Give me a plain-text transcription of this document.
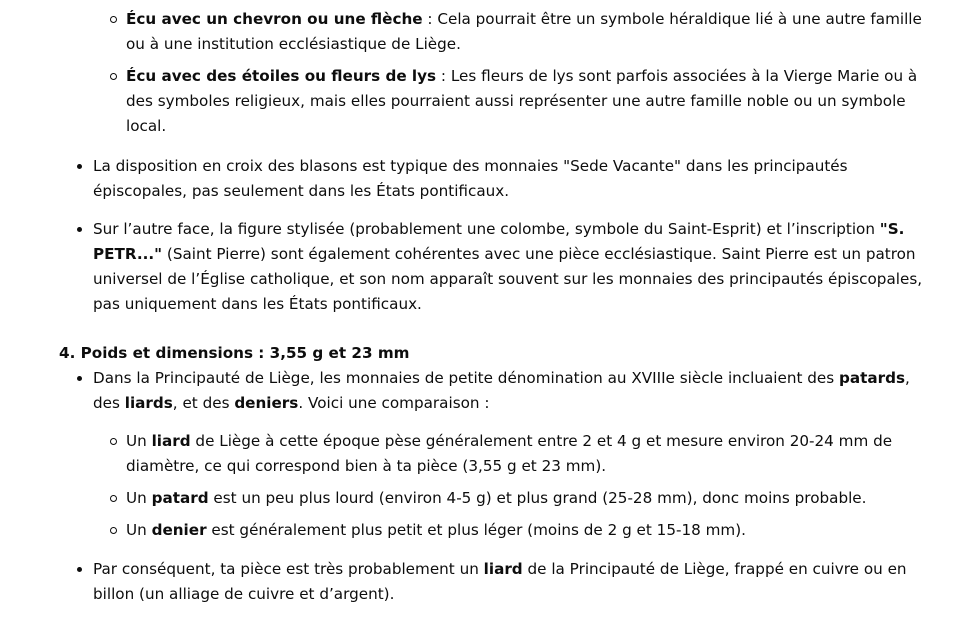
Écu avec un chevron ou une flèche : Cela pourrait être un symbole héraldique lié à une autre famille ou à une institution ecclésiastique de Liège.
Écu avec des étoiles ou fleurs de lys : Les fleurs de lys sont parfois associées à la Vierge Marie ou à des symboles religieux, mais elles pourraient aussi représenter une autre famille noble ou un symbole local.
La disposition en croix des blasons est typique des monnaies "Sede Vacante" dans les principautés épiscopales, pas seulement dans les États pontificaux.
Sur l’autre face, la figure stylisée (probablement une colombe, symbole du Saint-Esprit) et l’inscription "S. PETR..." (Saint Pierre) sont également cohérentes avec une pièce ecclésiastique. Saint Pierre est un patron universel de l’Église catholique, et son nom apparaît souvent sur les monnaies des principautés épiscopales, pas uniquement dans les États pontificaux.
4. Poids et dimensions : 3,55 g et 23 mm
Dans la Principauté de Liège, les monnaies de petite dénomination au XVIIIe siècle incluaient des patards, des liards, et des deniers. Voici une comparaison :
Un liard de Liège à cette époque pèse généralement entre 2 et 4 g et mesure environ 20-24 mm de diamètre, ce qui correspond bien à ta pièce (3,55 g et 23 mm).
Un patard est un peu plus lourd (environ 4-5 g) et plus grand (25-28 mm), donc moins probable.
Un denier est généralement plus petit et plus léger (moins de 2 g et 15-18 mm).
Par conséquent, ta pièce est très probablement un liard de la Principauté de Liège, frappé en cuivre ou en billon (un alliage de cuivre et d’argent).
